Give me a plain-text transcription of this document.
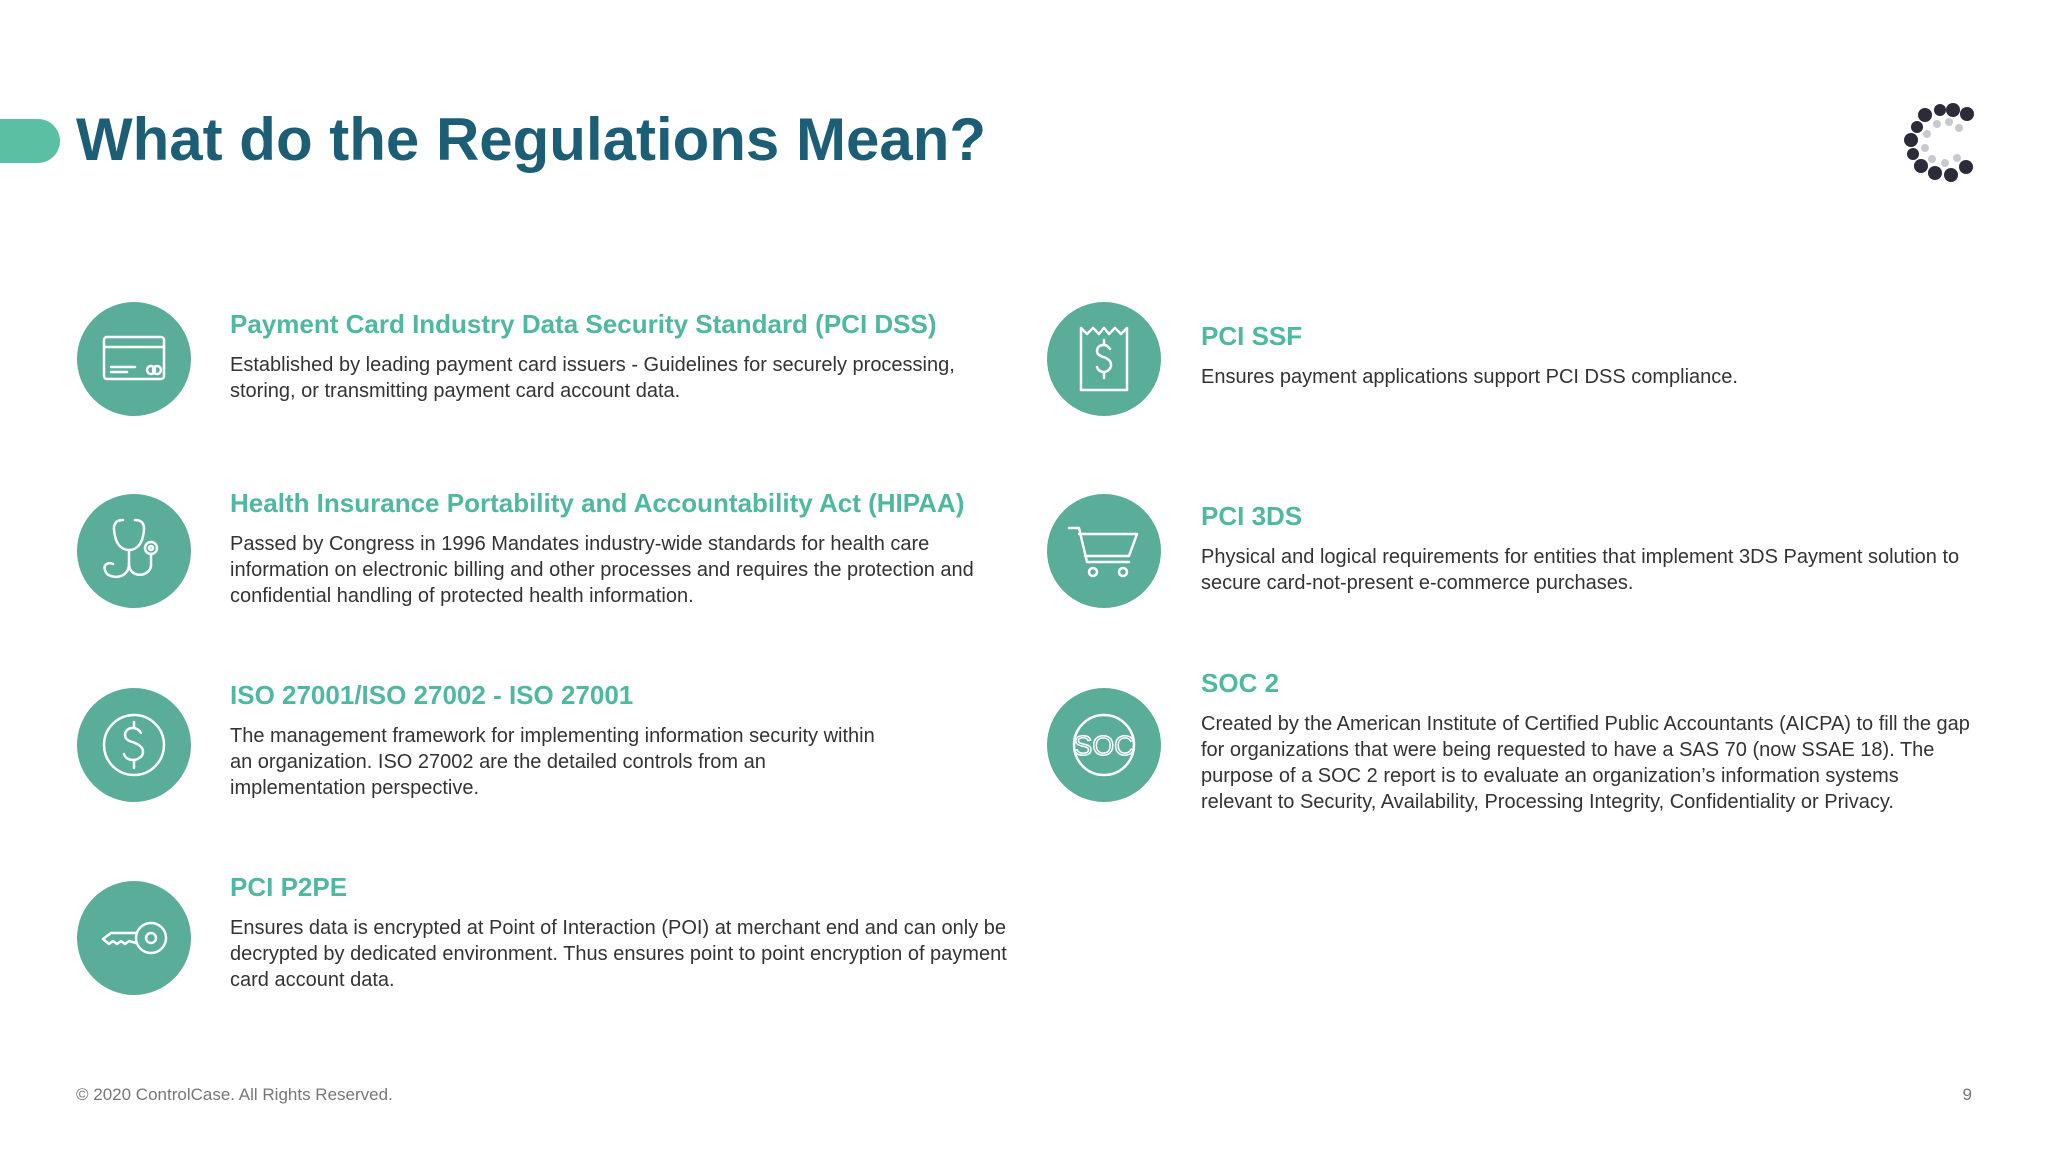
What do the Regulations Mean?
Payment Card Industry Data Security Standard (PCI DSS)

Established by leading payment card issuers - Guidelines for securely processing, storing, or transmitting payment card account data.

Health Insurance Portability and Accountability Act (HIPAA)

Passed by Congress in 1996 Mandates industry-wide standards for health care information on electronic billing and other processes and requires the protection and confidential handling of protected health information.

ISO 27001/ISO 27002 - ISO 27001

The management framework for implementing information security within an organization. ISO 27002 are the detailed controls from an implementation perspective.

PCI P2PE

Ensures data is encrypted at Point of Interaction (POI) at merchant end and can only be decrypted by dedicated environment. Thus ensures point to point encryption of payment card account data.

PCI SSF

Ensures payment applications support PCI DSS compliance.

PCI 3DS

Physical and logical requirements for entities that implement 3DS Payment solution to secure card-not-present e-commerce purchases.

SOC
SOC 2

Created by the American Institute of Certified Public Accountants (AICPA) to fill the gap for organizations that were being requested to have a SAS 70 (now SSAE 18). The purpose of a SOC 2 report is to evaluate an organization’s information systems relevant to Security, Availability, Processing Integrity, Confidentiality or Privacy.

© 2020 ControlCase. All Rights Reserved.	9
